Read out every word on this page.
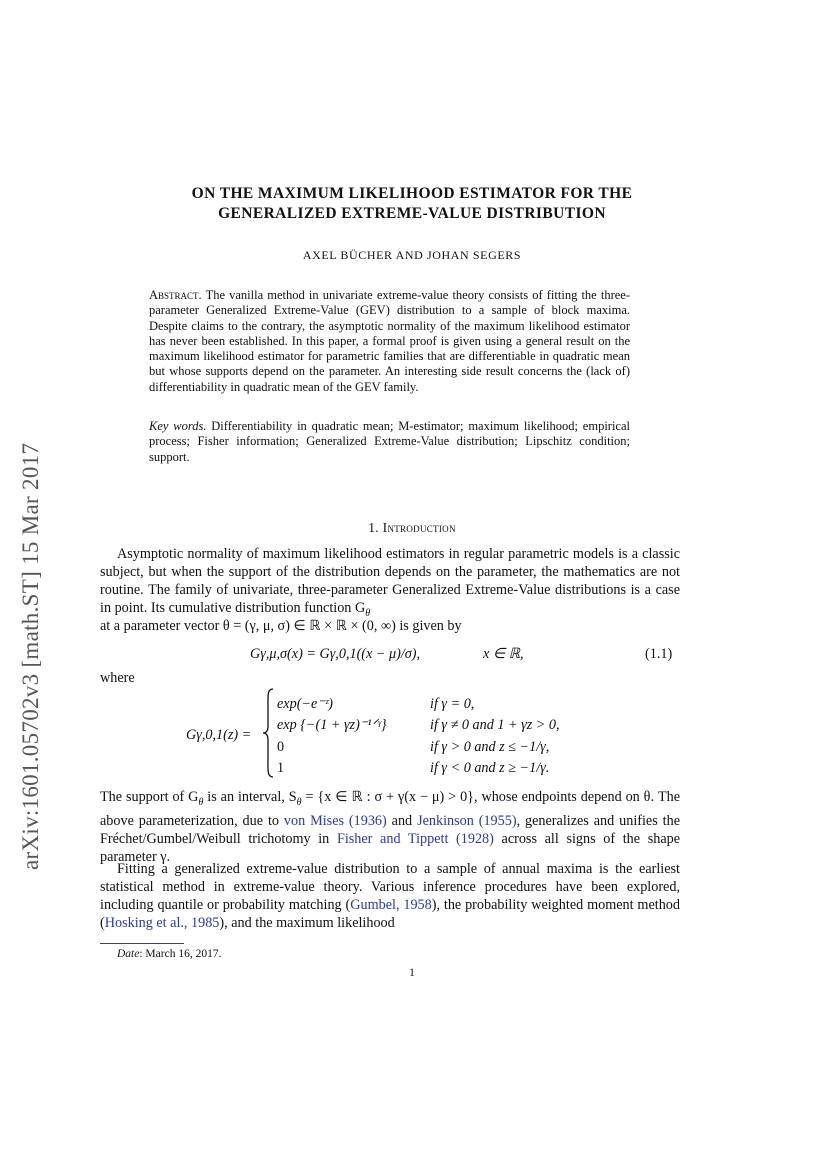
arXiv:1601.05702v3 [math.ST] 15 Mar 2017
ON THE MAXIMUM LIKELIHOOD ESTIMATOR FOR THE
GENERALIZED EXTREME-VALUE DISTRIBUTION
AXEL BÜCHER AND JOHAN SEGERS
Abstract. The vanilla method in univariate extreme-value theory consists of fitting the three-parameter Generalized Extreme-Value (GEV) distribution to a sample of block maxima. Despite claims to the contrary, the asymptotic normality of the maximum likelihood estimator has never been established. In this paper, a formal proof is given using a general result on the maximum likelihood estimator for parametric families that are differentiable in quadratic mean but whose supports depend on the parameter. An interesting side result concerns the (lack of) differentiability in quadratic mean of the GEV family.
Key words. Differentiability in quadratic mean; M-estimator; maximum likelihood; empirical process; Fisher information; Generalized Extreme-Value distribution; Lipschitz condition; support.
1. Introduction
Asymptotic normality of maximum likelihood estimators in regular parametric models is a classic subject, but when the support of the distribution depends on the parameter, the mathematics are not routine. The family of univariate, three-parameter Generalized Extreme-Value distributions is a case in point. Its cumulative distribution function $G_\theta$
at a parameter vector θ = (γ, μ, σ) ∈ ℝ × ℝ × (0, ∞) is given by
Gγ,μ,σ(x) = Gγ,0,1((x − μ)/σ),	x ∈ ℝ,	(1.1)
where
Gγ,0,1(z) =
exp(−e⁻ᶻ)	if γ = 0,
exp {−(1 + γz)⁻¹ᐟᵞ}	if γ ≠ 0 and 1 + γz > 0,
0	if γ > 0 and z ≤ −1/γ,
1	if γ < 0 and z ≥ −1/γ.
The support of $G_\theta$ is an interval, $S_\theta = \{x$ ∈ ℝ : σ + γ(x − μ) > 0}, whose endpoints depend on θ. The above parameterization, due to von Mises (1936) and Jenkinson (1955), generalizes and unifies the Fréchet/Gumbel/Weibull trichotomy in Fisher and Tippett (1928) across all signs of the shape parameter γ.
Fitting a generalized extreme-value distribution to a sample of annual maxima is the earliest statistical method in extreme-value theory. Various inference procedures have been explored, including quantile or probability matching (Gumbel, 1958), the probability weighted moment method (Hosking et al., 1985), and the maximum likelihood
Date: March 16, 2017.
1
